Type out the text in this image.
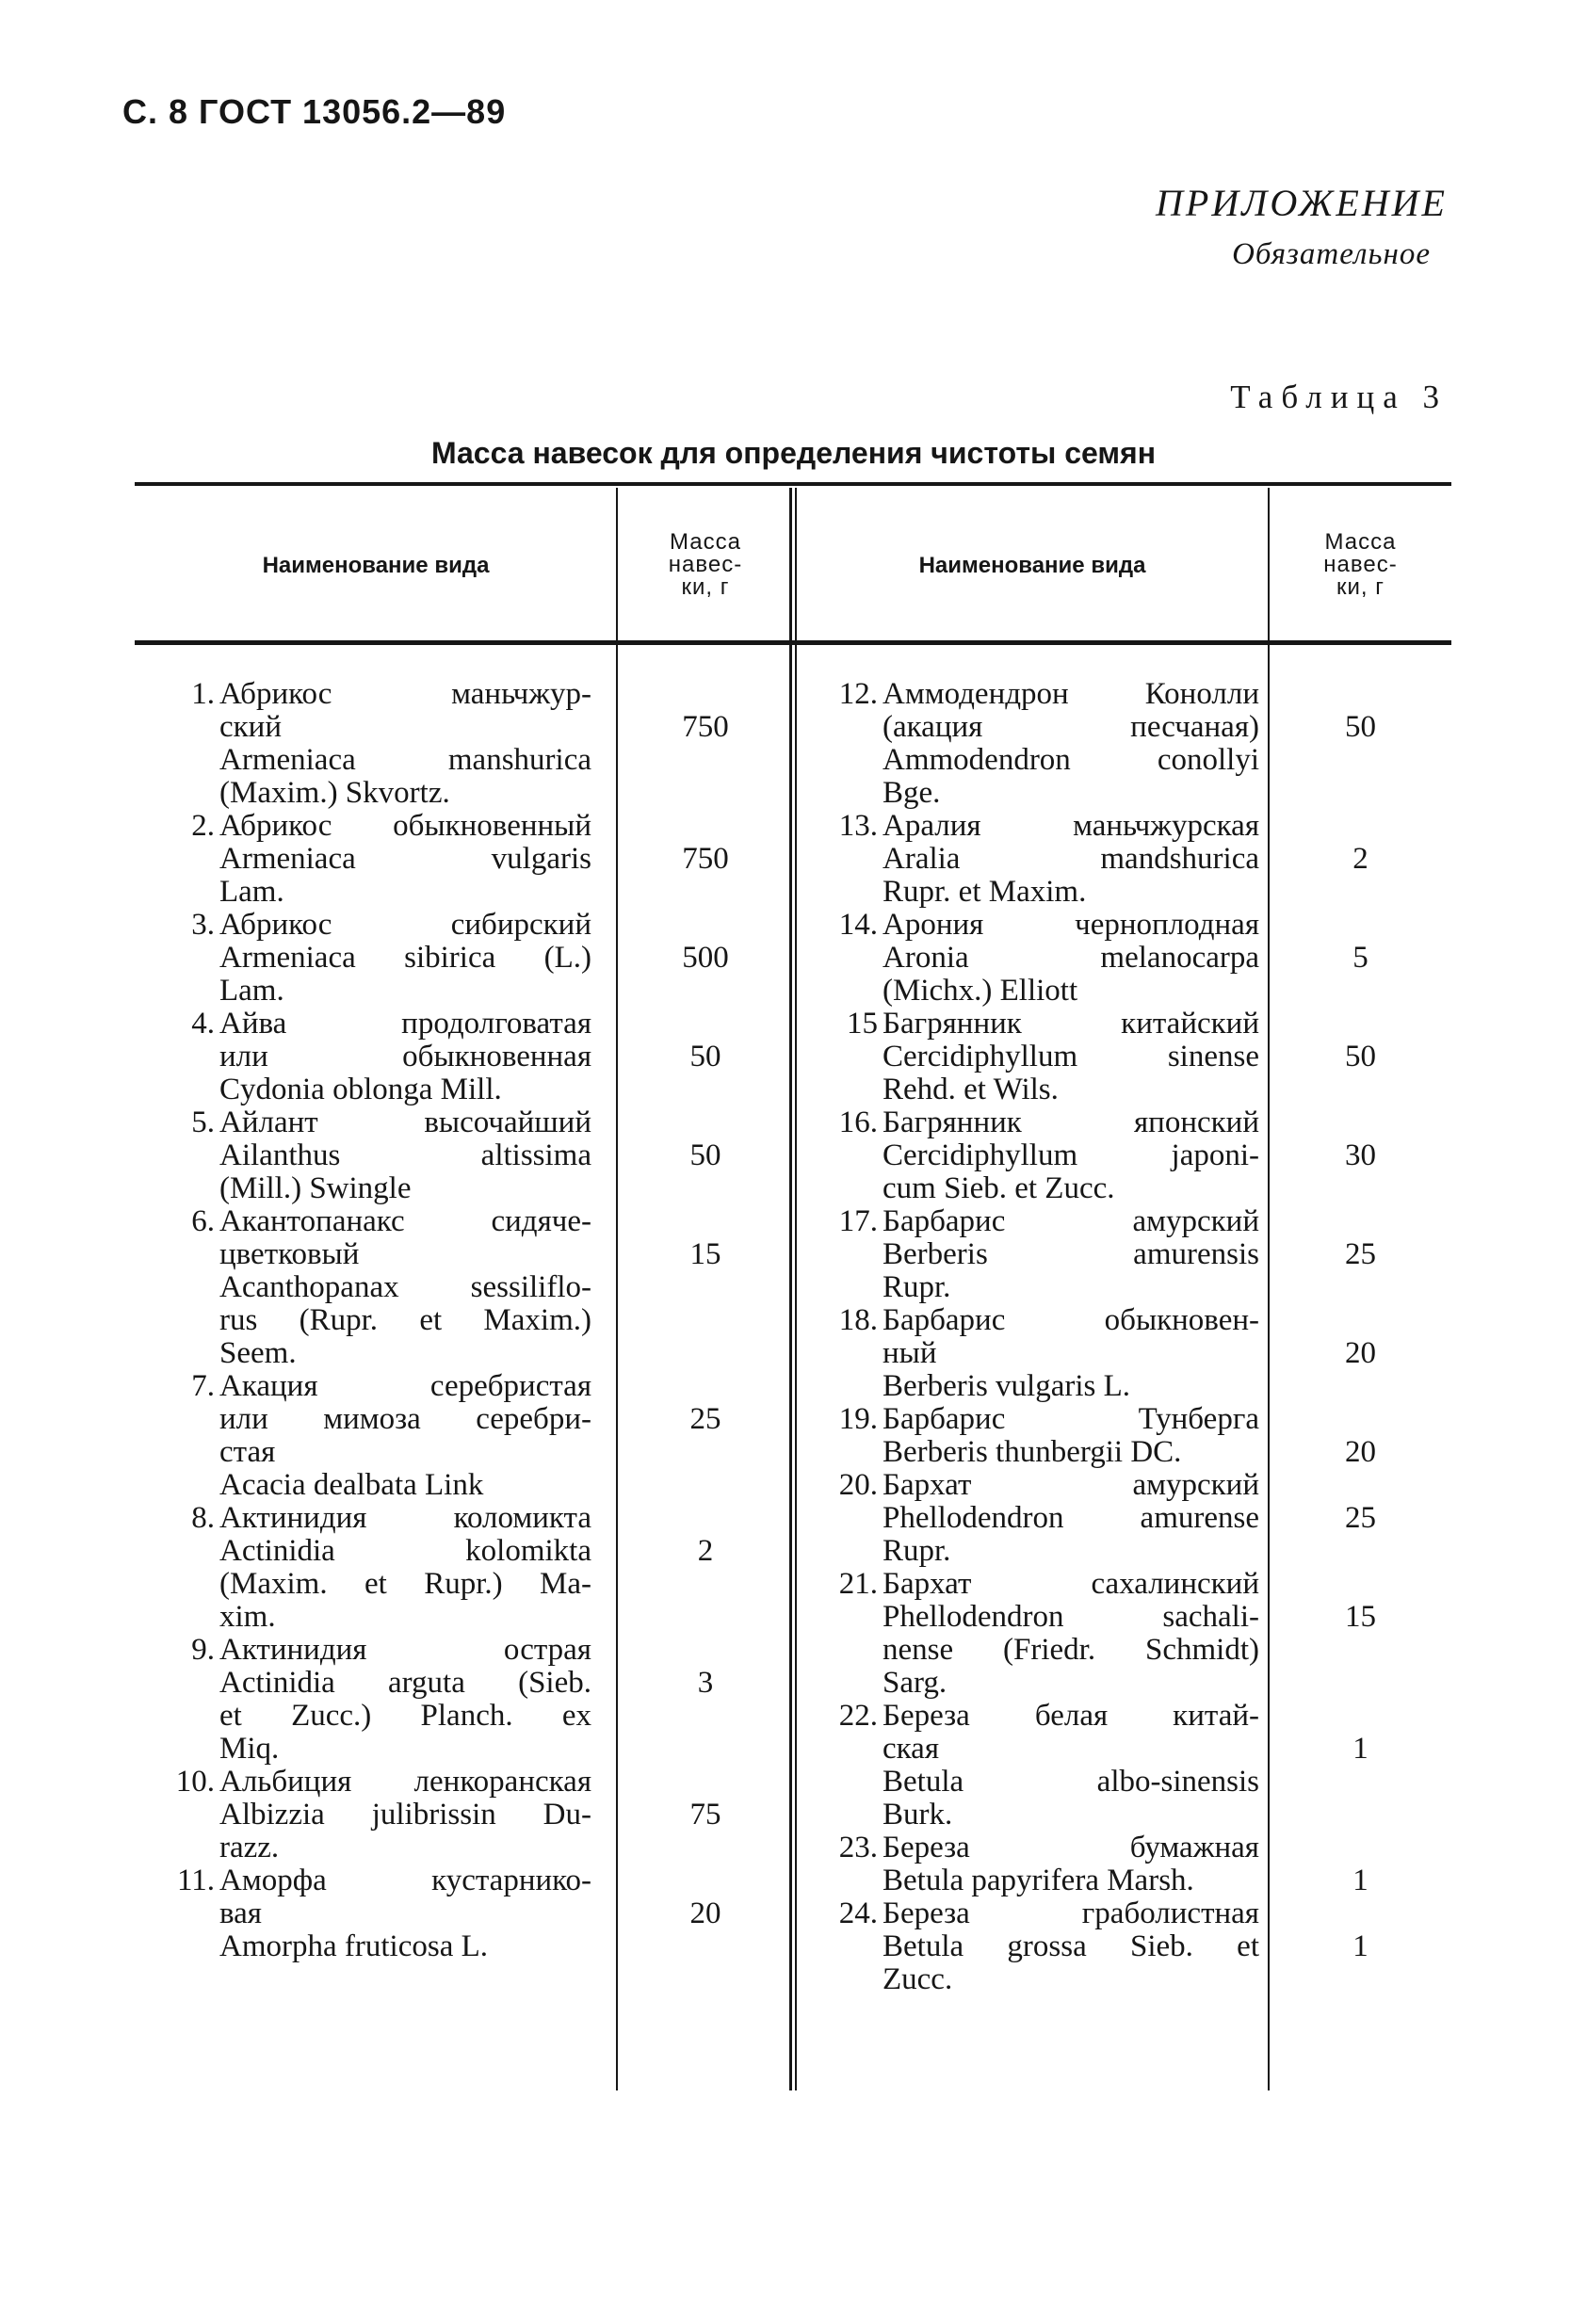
С. 8 ГОСТ 13056.2—89
ПРИЛОЖЕНИЕ
Обязательное
Таблица 3
Масса навесок для определения чистоты семян
Наименование вида
Масса
навес-
ки, г
Наименование вида
Масса
навес-
ки, г
1. Абрикос маньчжур-
ский
Armeniaca manshurica
(Maxim.) Skvortz.
750
2. Абрикос обыкновенный
Armeniaca vulgaris
Lam.
750
3. Абрикос сибирский
Armeniaca sibirica (L.)
Lam.
500
4. Айва продолговатая
или обыкновенная
Cydonia oblonga Mill.
50
5. Айлант высочайший
Ailanthus altissima
(Mill.) Swingle
50
6. Акантопанакс сидяче-
цветковый
Acanthopanax sessiliflo-
rus (Rupr. et Maxim.)
Seem.
15
7. Акация серебристая
или мимоза серебри-
стая
Acacia dealbata Link
25
8. Актинидия коломикта
Actinidia kolomikta
(Maxim. et Rupr.) Ma-
xim.
2
9. Актинидия острая
Actinidia arguta (Sieb.
et Zucc.) Planch. ex
Miq.
3
10. Альбиция ленкоранская
Albizzia julibrissin Du-
razz.
75
11. Аморфа кустарнико-
вая
Amorpha fruticosa L.
20
12. Аммодендрон Конолли
(акация песчаная)
Ammodendron conollyi
Bge.
50
13. Аралия маньчжурская
Aralia mandshurica
Rupr. et Maxim.
2
14. Арония черноплодная
Aronia melanocarpa
(Michx.) Elliott
5
15 Багрянник китайский
Cercidiphyllum sinense
Rehd. et Wils.
50
16. Багрянник японский
Cercidiphyllum japoni-
cum Sieb. et Zucc.
30
17. Барбарис амурский
Berberis amurensis
Rupr.
25
18. Барбарис обыкновен-
ный
Berberis vulgaris L.
20
19. Барбарис Тунберга
Berberis thunbergii DC.	20
20. Бархат амурский
Phellodendron amurense
Rupr.
25
21. Бархат сахалинский
Phellodendron sachali-
nense (Friedr. Schmidt)
Sarg.
15
22. Береза белая китай-
ская
Betula albo-sinensis
Burk.
1
23. Береза бумажная
Betula papyrifera Marsh.	1
24. Береза граболистная
Betula grossa Sieb. et
Zucc.
1
